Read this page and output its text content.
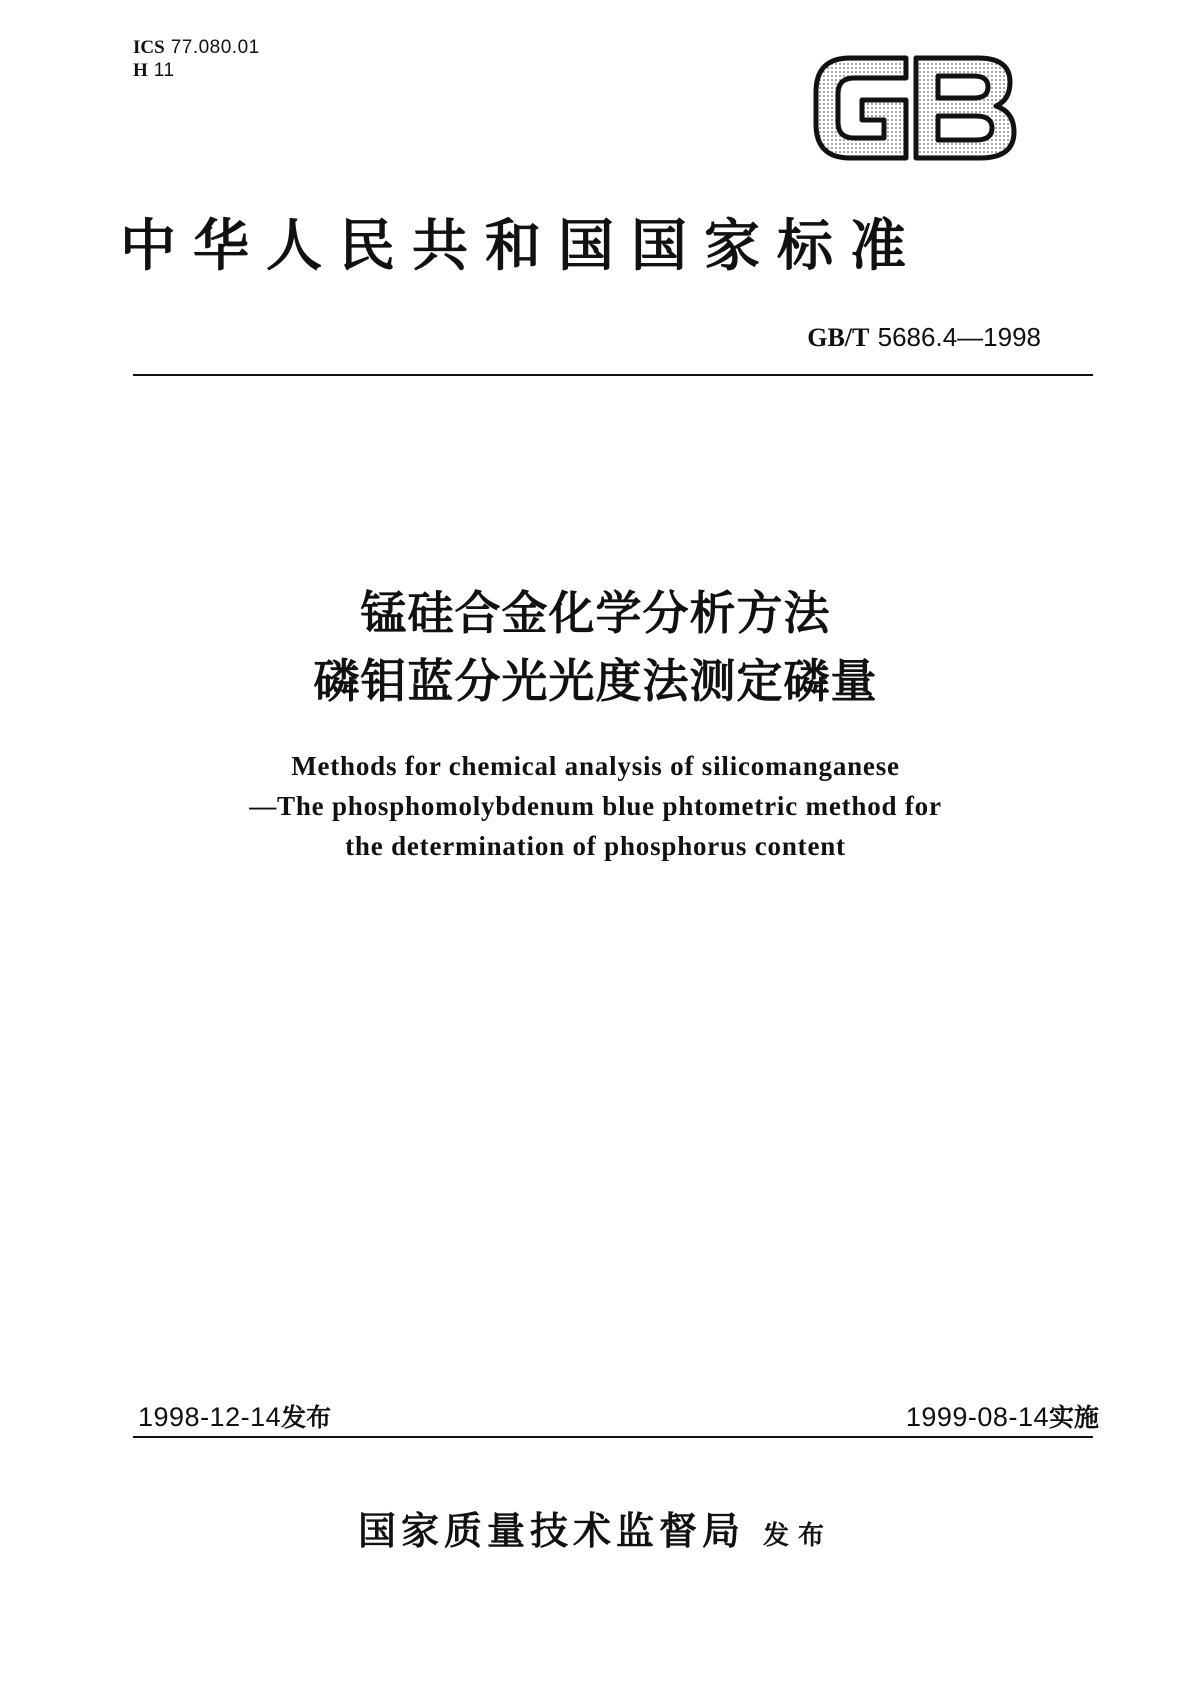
ICS 77.080.01
H 11
中华人民共和国国家标准
GB/T 5686.4—1998
锰硅合金化学分析方法
磷钼蓝分光光度法测定磷量
Methods for chemical analysis of silicomanganese
—The phosphomolybdenum blue phtometric method for
the determination of phosphorus content
1998-12-14发布	1999-08-14实施
国家质量技术监督局 发布
